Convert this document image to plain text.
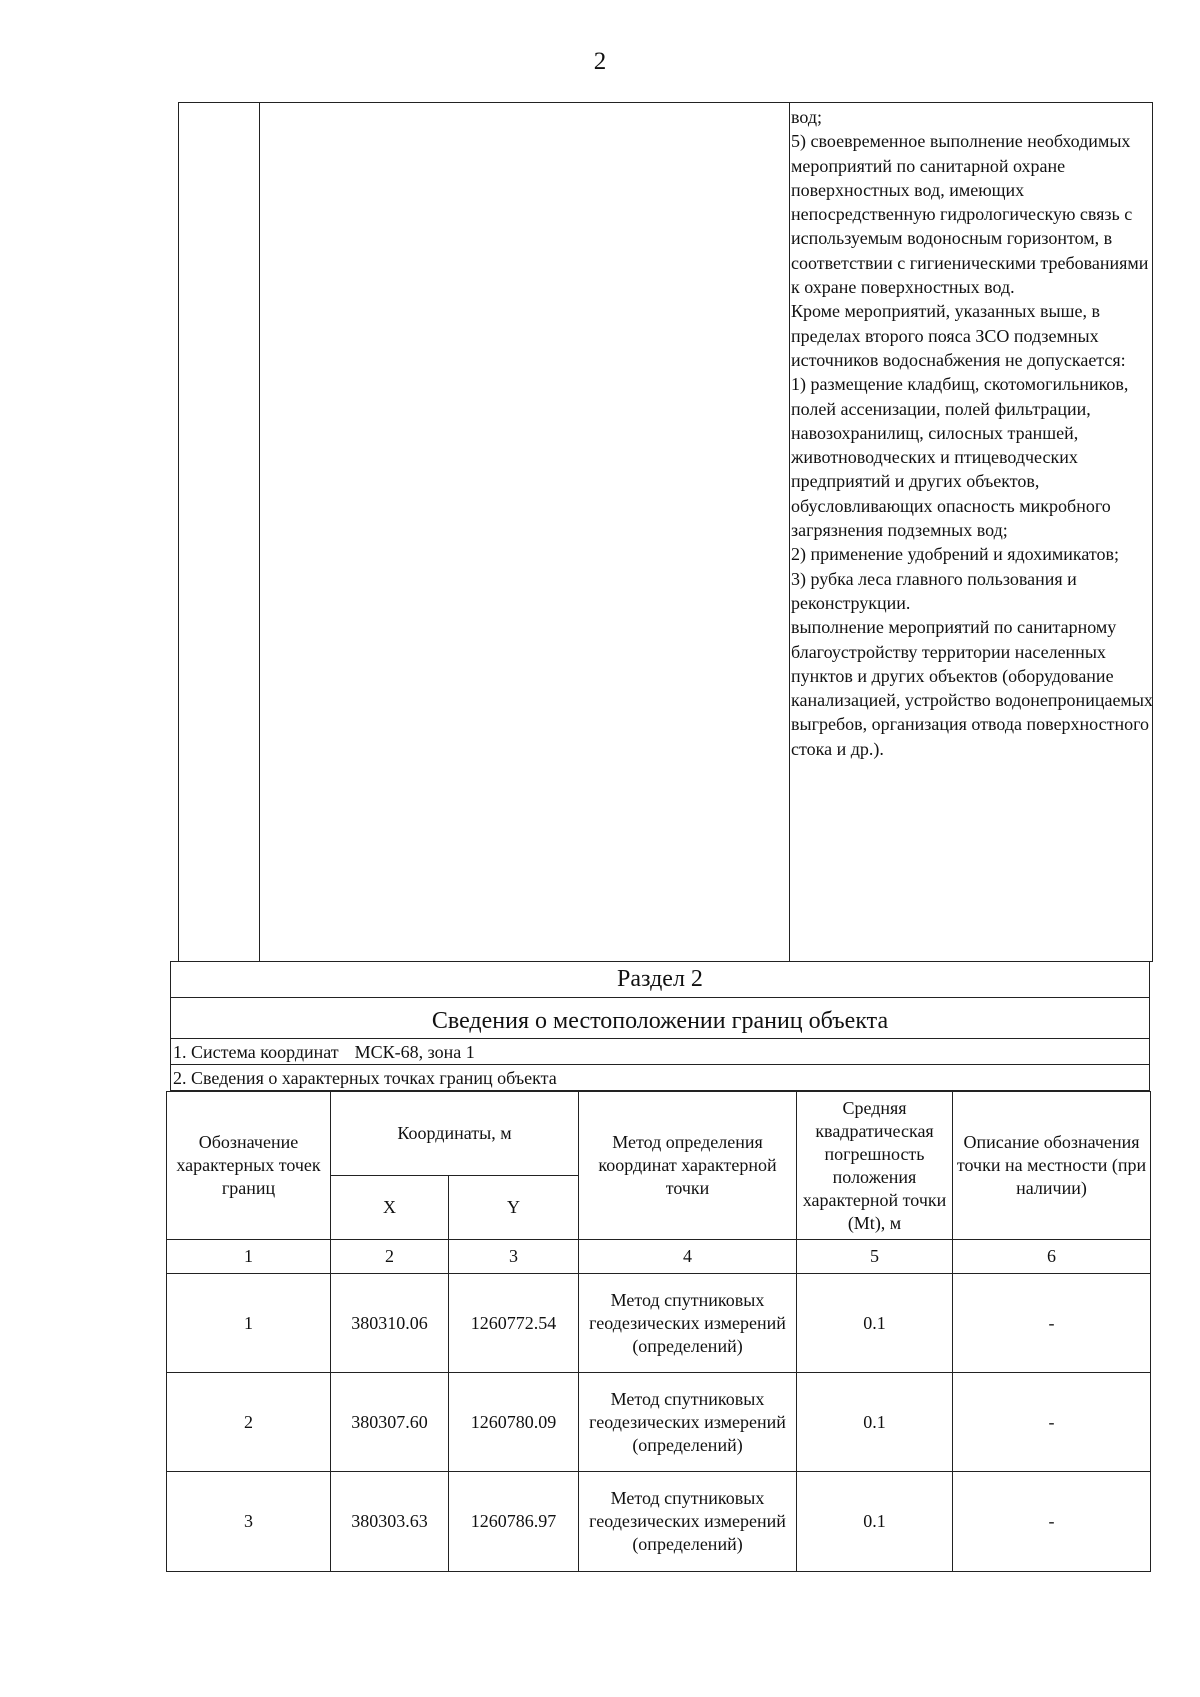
2
вод;
5) своевременное выполнение необходимых мероприятий по санитарной охране поверхностных вод, имеющих непосредственную гидрологическую связь с используемым водоносным горизонтом, в соответствии с гигиеническими требованиями к охране поверхностных вод.
Кроме мероприятий, указанных выше, в пределах второго пояса ЗСО подземных источников водоснабжения не допускается:
1) размещение кладбищ, скотомогильников, полей ассенизации, полей фильтрации, навозохранилищ, силосных траншей, животноводческих и птицеводческих предприятий и других объектов, обусловливающих опасность микробного загрязнения подземных вод;
2) применение удобрений и ядохимикатов;
3) рубка леса главного пользования и реконструкции.
выполнение мероприятий по санитарному благоустройству территории населенных пунктов и других объектов (оборудование канализацией, устройство водонепроницаемых выгребов, организация отвода поверхностного стока и др.).
Раздел 2
Сведения о местоположении границ объекта
1. Система координат МСК-68, зона 1
2. Сведения о характерных точках границ объекта
Обозначение характерных точек границ	Координаты, м		Метод определения координат характерной точки	Средняя квадратическая погрешность положения характерной точки (Mt), м	Описание обозначения точки на местности (при наличии)
	X	Y			
1	2	3	4	5	6
1	380310.06	1260772.54	Метод спутниковых геодезических измерений (определений)	0.1	-
2	380307.60	1260780.09	Метод спутниковых геодезических измерений (определений)	0.1	-
3	380303.63	1260786.97	Метод спутниковых геодезических измерений (определений)	0.1	-
